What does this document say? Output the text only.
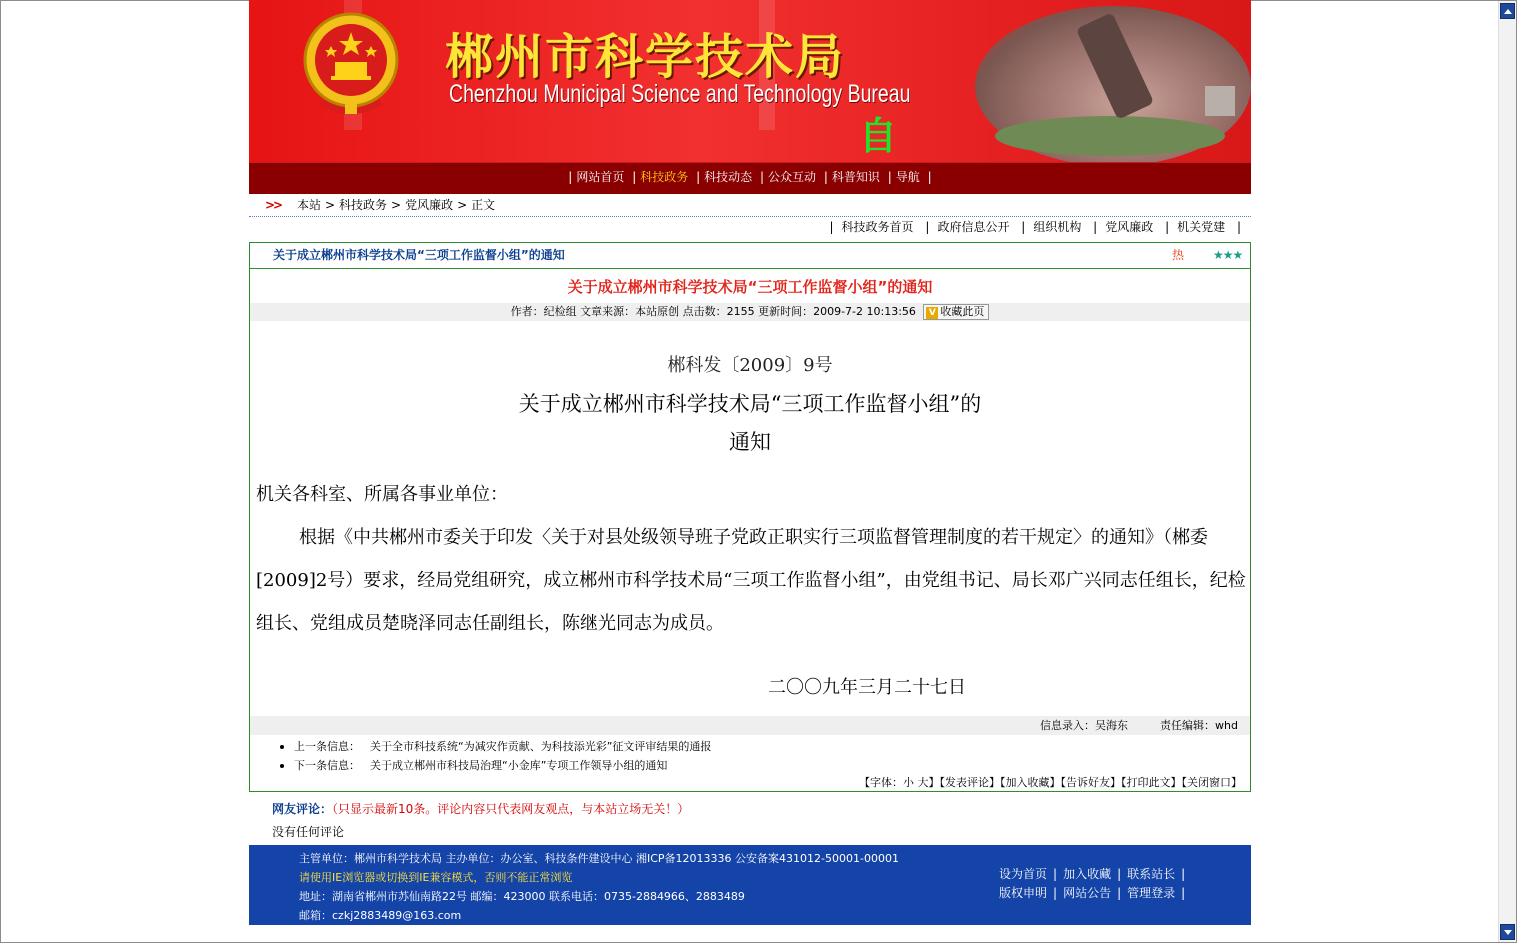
郴州市科学技术局
Chenzhou Municipal Science and Technology Bureau
自
| 网站首页 | 科技政务 | 科技动态 | 公众互动 | 科普知识 | 导航 |
>> 本站 > 科技政务 > 党风廉政 > 正文
| 科技政务首页 | 政府信息公开 | 组织机构 | 党风廉政 | 机关党建 |
关于成立郴州市科学技术局“三项工作监督小组”的通知	热 ★★★
关于成立郴州市科学技术局“三项工作监督小组”的通知
作者：纪检组 文章来源：本站原创 点击数：2155 更新时间：2009-7-2 10:13:56 V 收藏此页
郴科发〔2009〕9号
关于成立郴州市科学技术局“三项工作监督小组”的
通知

机关各科室、所属各事业单位：

根据《中共郴州市委关于印发〈关于对县处级领导班子党政正职实行三项监督管理制度的若干规定〉的通知》（郴委[2009]2号）要求，经局党组研究，成立郴州市科学技术局“三项工作监督小组”，由党组书记、局长邓广兴同志任组长，纪检组长、党组成员楚晓泽同志任副组长，陈继光同志为成员。

二〇〇九年三月二十七日
信息录入：吴海东	责任编辑：whd
上一条信息： 关于全市科技系统“为减灾作贡献、为科技添光彩”征文评审结果的通报
下一条信息： 关于成立郴州市科技局治理“小金库”专项工作领导小组的通知
【字体：小 大】【发表评论】【加入收藏】【告诉好友】【打印此文】【关闭窗口】
网友评论：（只显示最新10条。评论内容只代表网友观点，与本站立场无关！）
没有任何评论
主管单位：郴州市科学技术局 主办单位：办公室、科技条件建设中心 湘ICP备12013336 公安备案431012-50001-00001
请使用IE浏览器或切换到IE兼容模式，否则不能正常浏览
地址：湖南省郴州市苏仙南路22号 邮编：423000 联系电话：0735-2884966、2883489
邮箱：czkj2883489@163.com
设为首页 | 加入收藏 | 联系站长 |
版权申明 | 网站公告 | 管理登录 |
